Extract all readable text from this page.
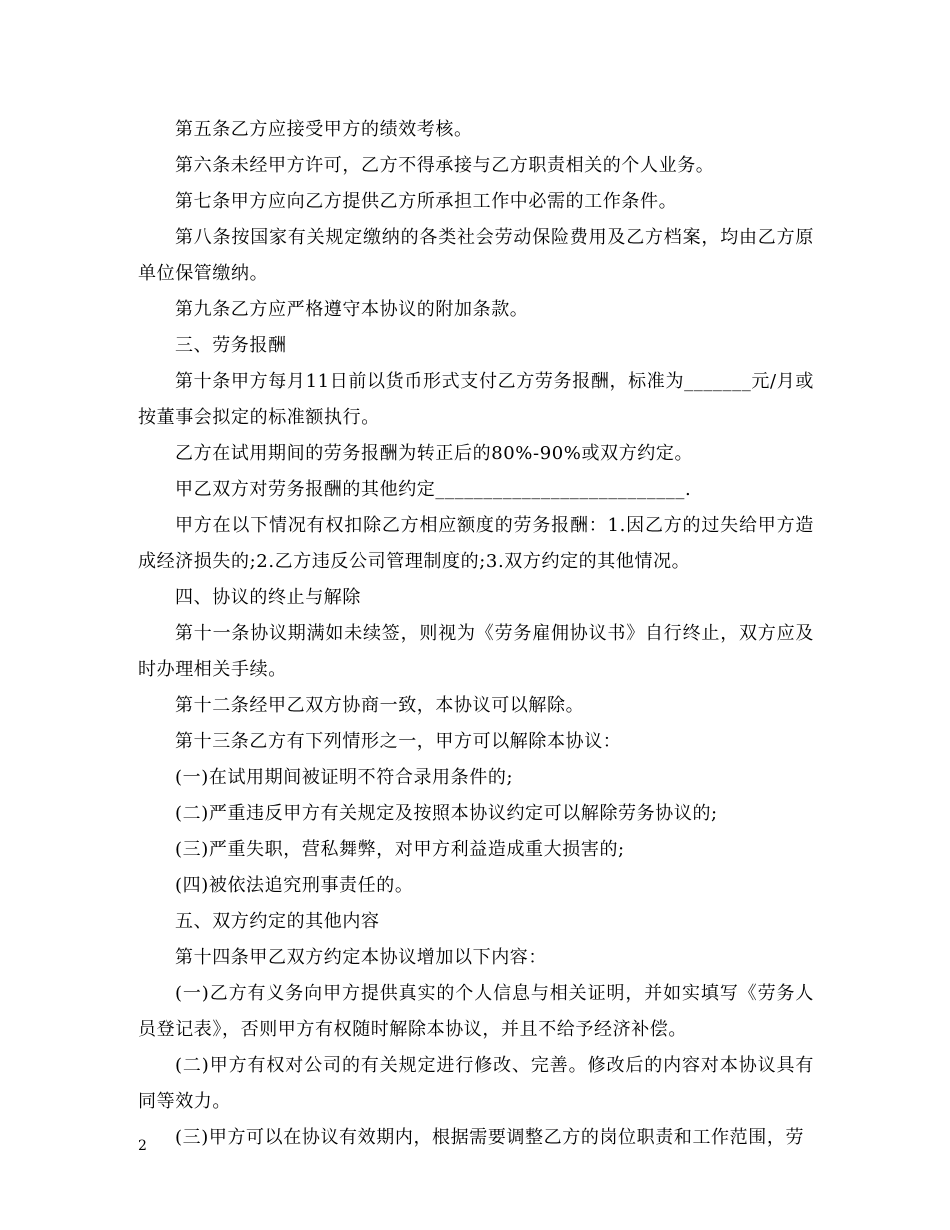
第五条乙方应接受甲方的绩效考核。

第六条未经甲方许可，乙方不得承接与乙方职责相关的个人业务。

第七条甲方应向乙方提供乙方所承担工作中必需的工作条件。

第八条按国家有关规定缴纳的各类社会劳动保险费用及乙方档案，均由乙方原单位保管缴纳。

第九条乙方应严格遵守本协议的附加条款。

三、劳务报酬

第十条甲方每月11日前以货币形式支付乙方劳务报酬，标准为_______元/月或按董事会拟定的标准额执行。

乙方在试用期间的劳务报酬为转正后的80%-90%或双方约定。

甲乙双方对劳务报酬的其他约定__________________________.

甲方在以下情况有权扣除乙方相应额度的劳务报酬：1.因乙方的过失给甲方造成经济损失的;2.乙方违反公司管理制度的;3.双方约定的其他情况。

四、协议的终止与解除

第十一条协议期满如未续签，则视为《劳务雇佣协议书》自行终止，双方应及时办理相关手续。

第十二条经甲乙双方协商一致，本协议可以解除。

第十三条乙方有下列情形之一，甲方可以解除本协议：

(一)在试用期间被证明不符合录用条件的;

(二)严重违反甲方有关规定及按照本协议约定可以解除劳务协议的;

(三)严重失职，营私舞弊，对甲方利益造成重大损害的;

(四)被依法追究刑事责任的。

五、双方约定的其他内容

第十四条甲乙双方约定本协议增加以下内容：

(一)乙方有义务向甲方提供真实的个人信息与相关证明，并如实填写《劳务人员登记表》，否则甲方有权随时解除本协议，并且不给予经济补偿。

(二)甲方有权对公司的有关规定进行修改、完善。修改后的内容对本协议具有同等效力。

(三)甲方可以在协议有效期内，根据需要调整乙方的岗位职责和工作范围，劳

2
